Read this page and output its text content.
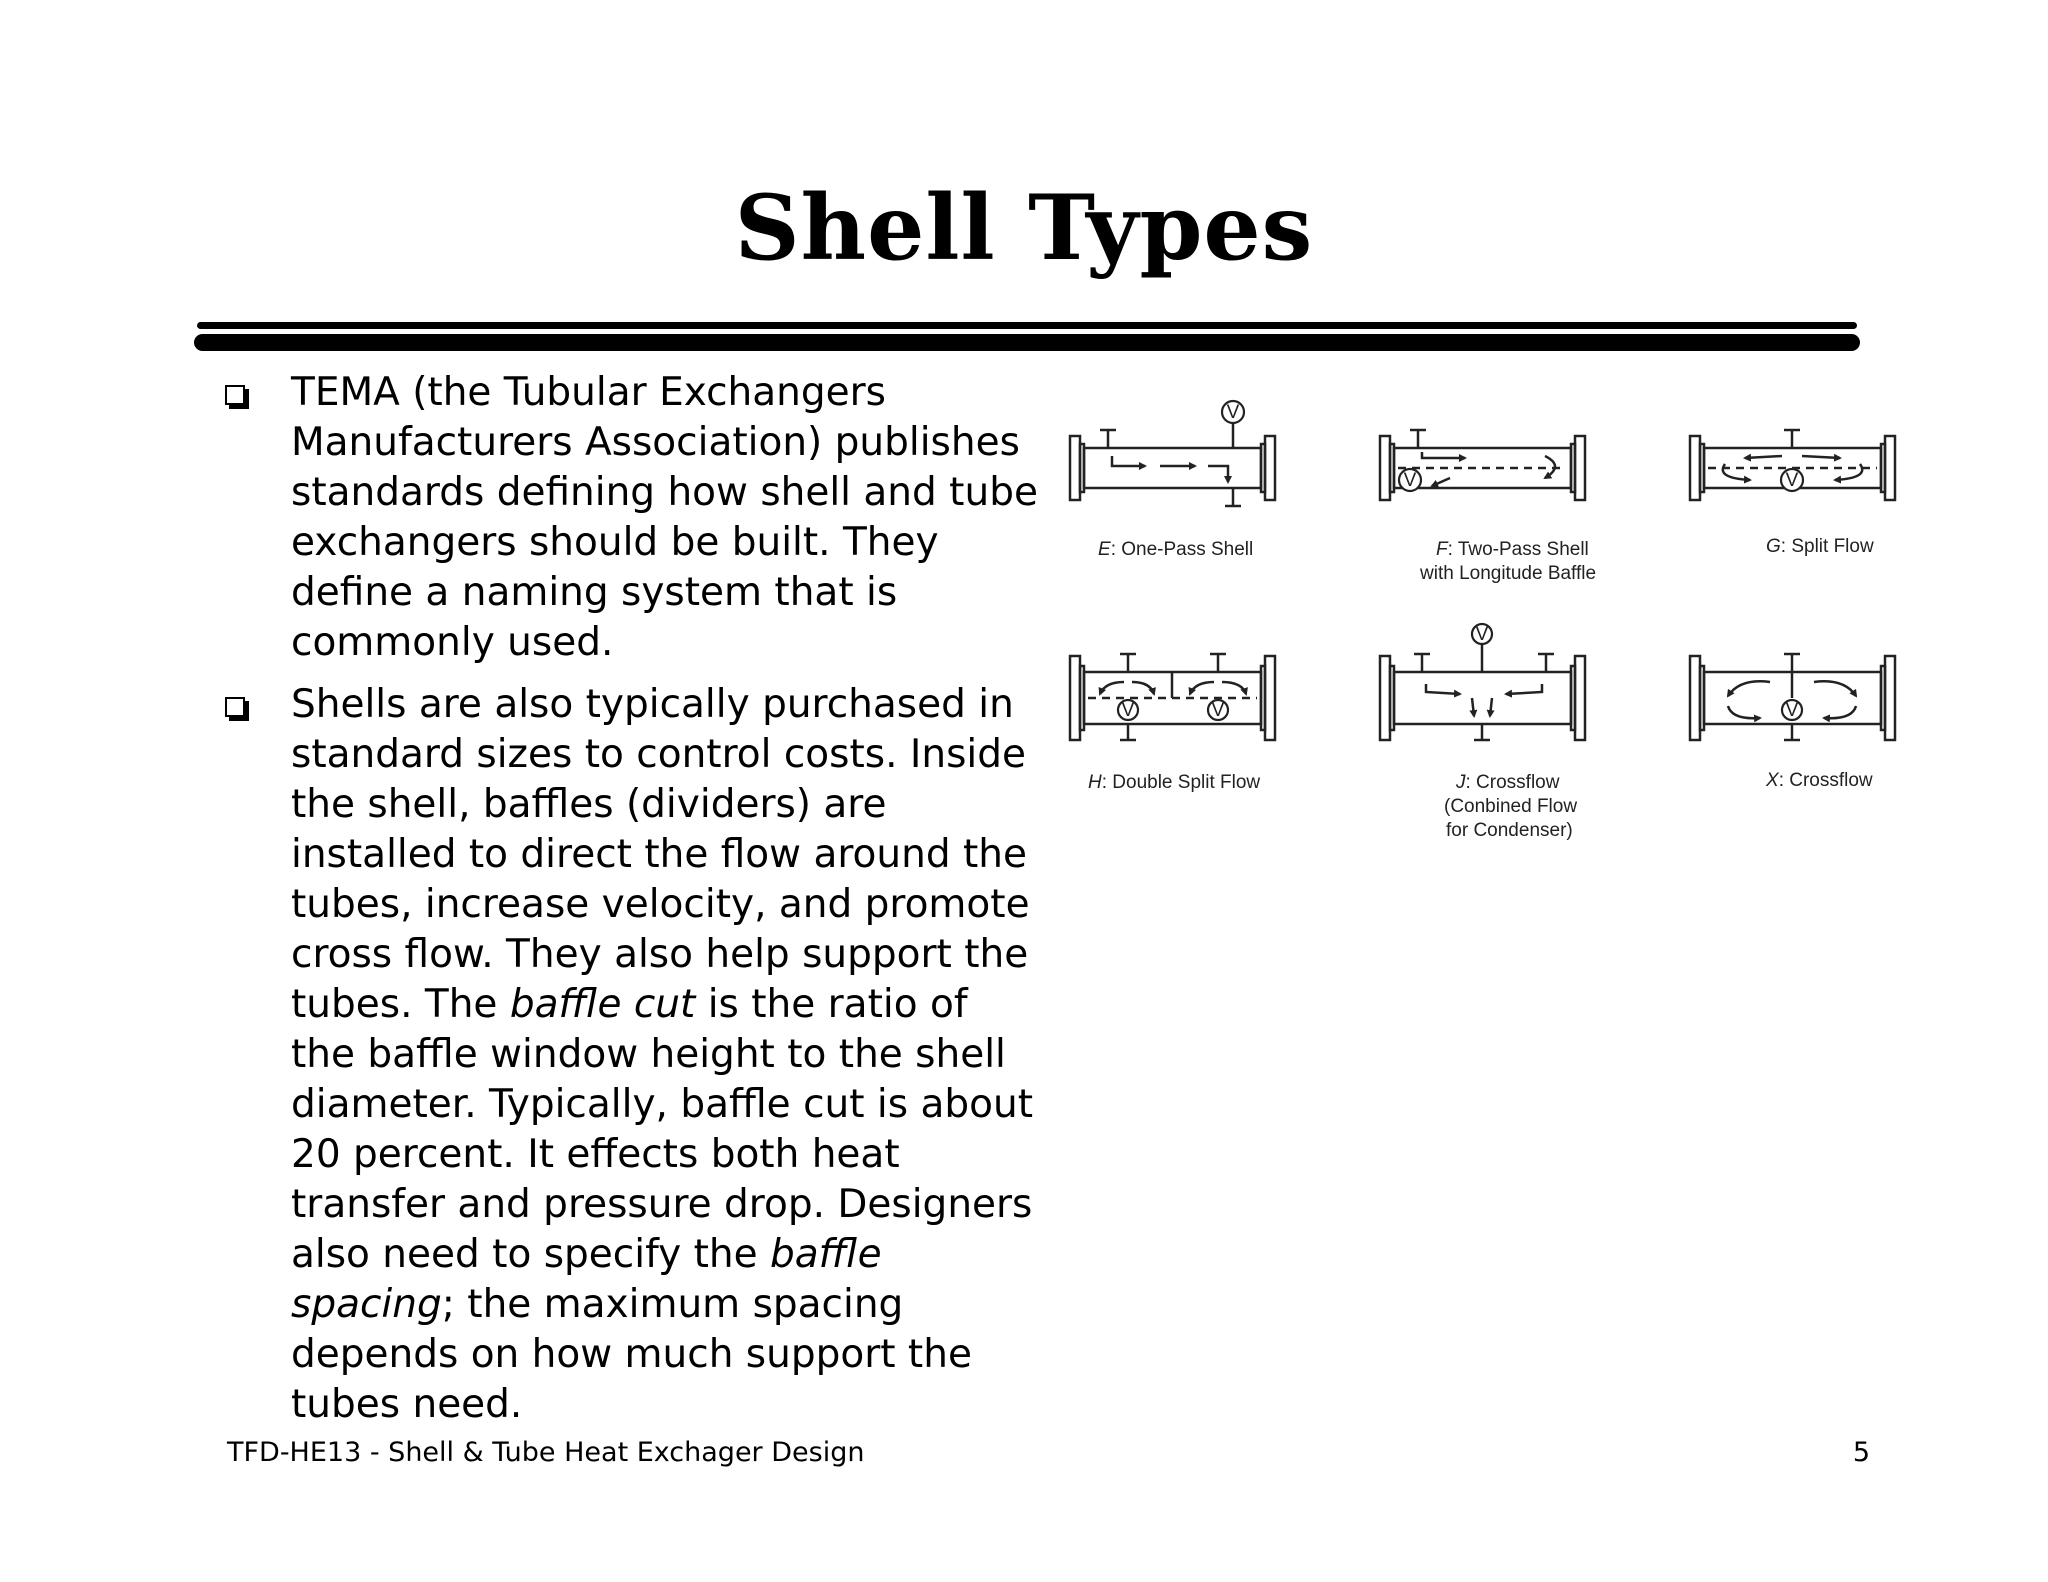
Shell Types
TEMA (the Tubular Exchangers Manufacturers Association) publishes standards defining how shell and tube exchangers should be built. They define a naming system that is commonly used.
Shells are also typically purchased in standard sizes to control costs. Inside the shell, baffles (dividers) are installed to direct the flow around the tubes, increase velocity, and promote cross flow. They also help support the tubes. The baffle cut is the ratio of the baffle window height to the shell diameter. Typically, baffle cut is about 20 percent. It effects both heat transfer and pressure drop. Designers also need to specify the baffle spacing; the maximum spacing depends on how much support the tubes need.
V
E: One-Pass Shell
V
F: Two-Pass Shell
with Longitude Baffle
V
G: Split Flow
V	V
H: Double Split Flow
V
J: Crossflow
(Conbined Flow
for Condenser)
V
X: Crossflow
TFD-HE13 - Shell & Tube Heat Exchager Design	5
